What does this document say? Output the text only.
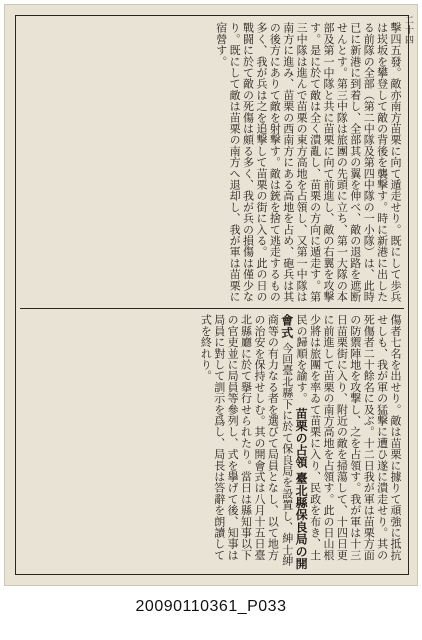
二十四
擊四五發。敵亦南方苗栗に向て遁走せり。既にして歩兵は崁坂を攀登して敵の背後を襲撃す。時に新港に出したる前隊の全部（第二中隊及第四中隊の一小隊）は、此時已に新港に到着し、全部其の翼を伸べ、敵の退路を遮断せんとす。第三中隊は旅團の先頭に立ち、第一大隊の本部及第一中隊と共に苗栗に向て前進し、敵の右翼を攻撃す。是に於て敵は全く潰亂し、苗栗の方向に遁走す。第三中隊は進んで苗栗の東方高地を占領し、又第一中隊は南方に進み、苗栗の西南方にある高地を占め、砲兵は其の後方にありて敵を射撃す。敵は銃を捨て逃走するもの多く、我が兵は之を追撃して苗栗の街に入る。此の日の戰闘に於て敵の死傷は頗る多く、我が兵の損傷は僅少なり。既にして敵は苗栗の南方へ退却し、我が軍は苗栗に宿營す。
傷者七名を出せり。敵は苗栗に據りて頑強に抵抗せしも、我が軍の猛撃に遭ひ遂に潰走せり。其の死傷者二十餘名に及ぶ。十二日我が軍は苗栗方面の防禦陣地を攻撃し、之を占領す。我が軍は十三日苗栗街に入り、附近の敵を掃蕩して、十四日更に前進して苗栗の南方高地を占領す。此の日山根少將は旅團を率ゐて苗栗に入り、民政を布き、土民の歸順を諭す。 苗栗の占領 臺北縣保良局の開會式 今回臺北縣下に於て保良局を設置し、紳士紳商等の有力なる者を選びて局員となし、以て地方の治安を保持せしむ。其の開會式は八月十五日臺北縣廳に於て擧行せられたり。當日は縣知事以下の官吏並に局員等參列し、式を擧げて後、知事は局員に對して訓示を爲し、局長は答辭を朗讀して式を終れり。
20090110361_P033
